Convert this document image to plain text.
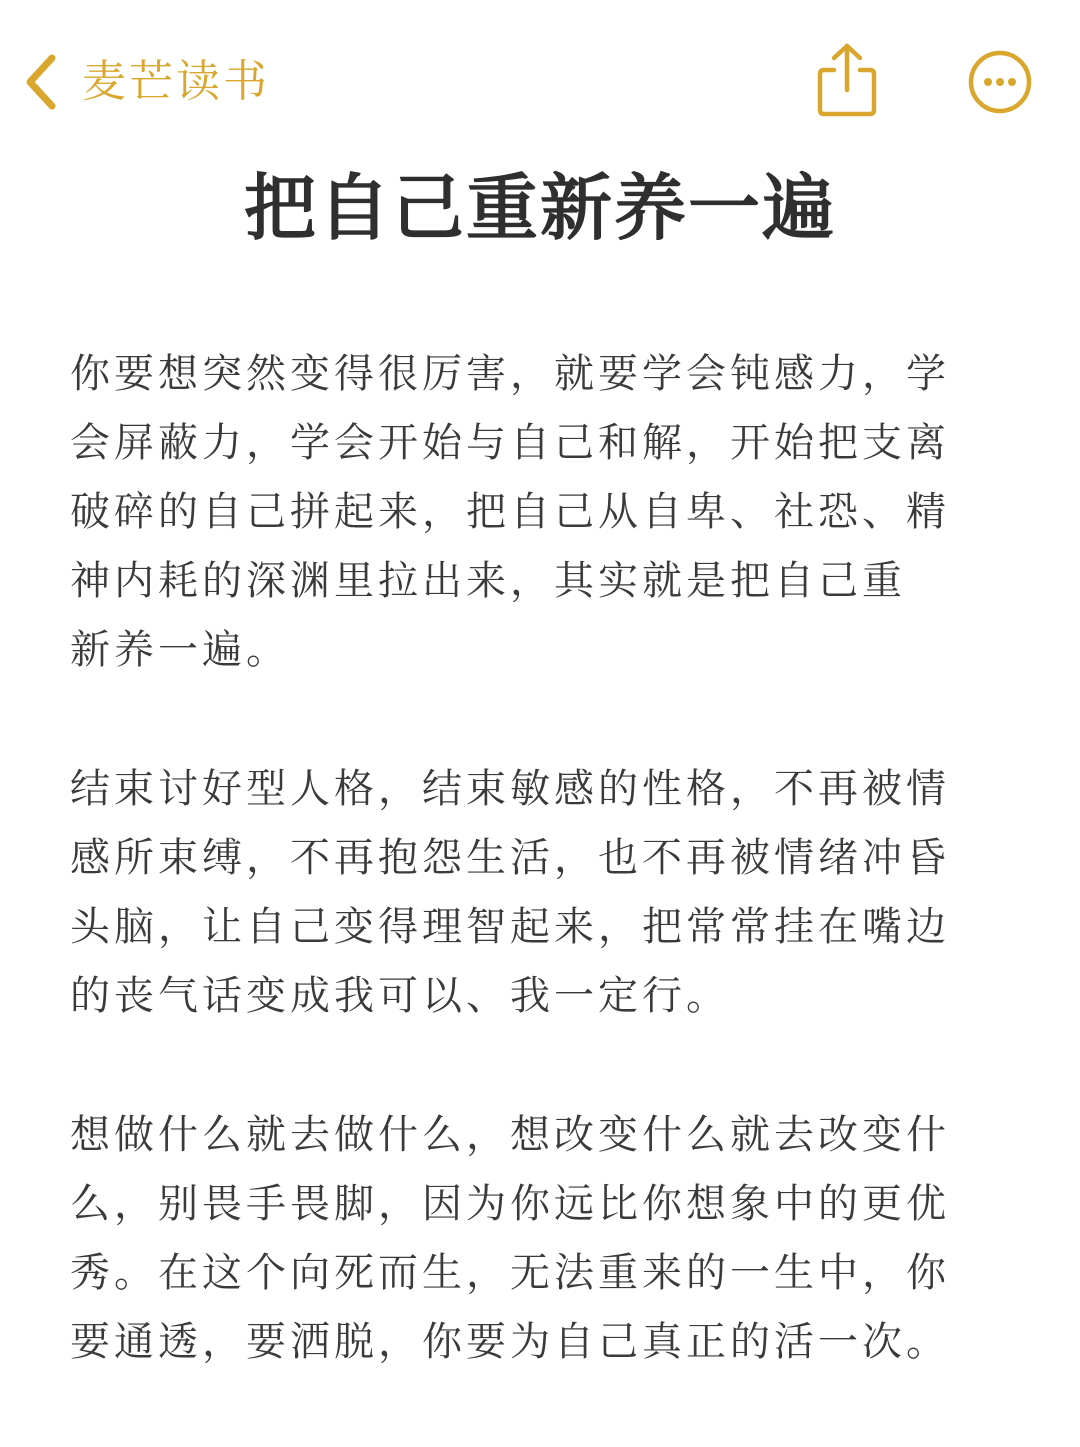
麦芒读书
把自己重新养一遍

你要想突然变得很厉害，就要学会钝感力，学
会屏蔽力，学会开始与自己和解，开始把支离
破碎的自己拼起来，把自己从自卑、社恐、精
神内耗的深渊里拉出来，其实就是把自己重
新养一遍。

结束讨好型人格，结束敏感的性格，不再被情
感所束缚，不再抱怨生活，也不再被情绪冲昏
头脑，让自己变得理智起来，把常常挂在嘴边
的丧气话变成我可以、我一定行。

想做什么就去做什么，想改变什么就去改变什
么，别畏手畏脚，因为你远比你想象中的更优
秀。在这个向死而生，无法重来的一生中，你
要通透，要洒脱，你要为自己真正的活一次。
